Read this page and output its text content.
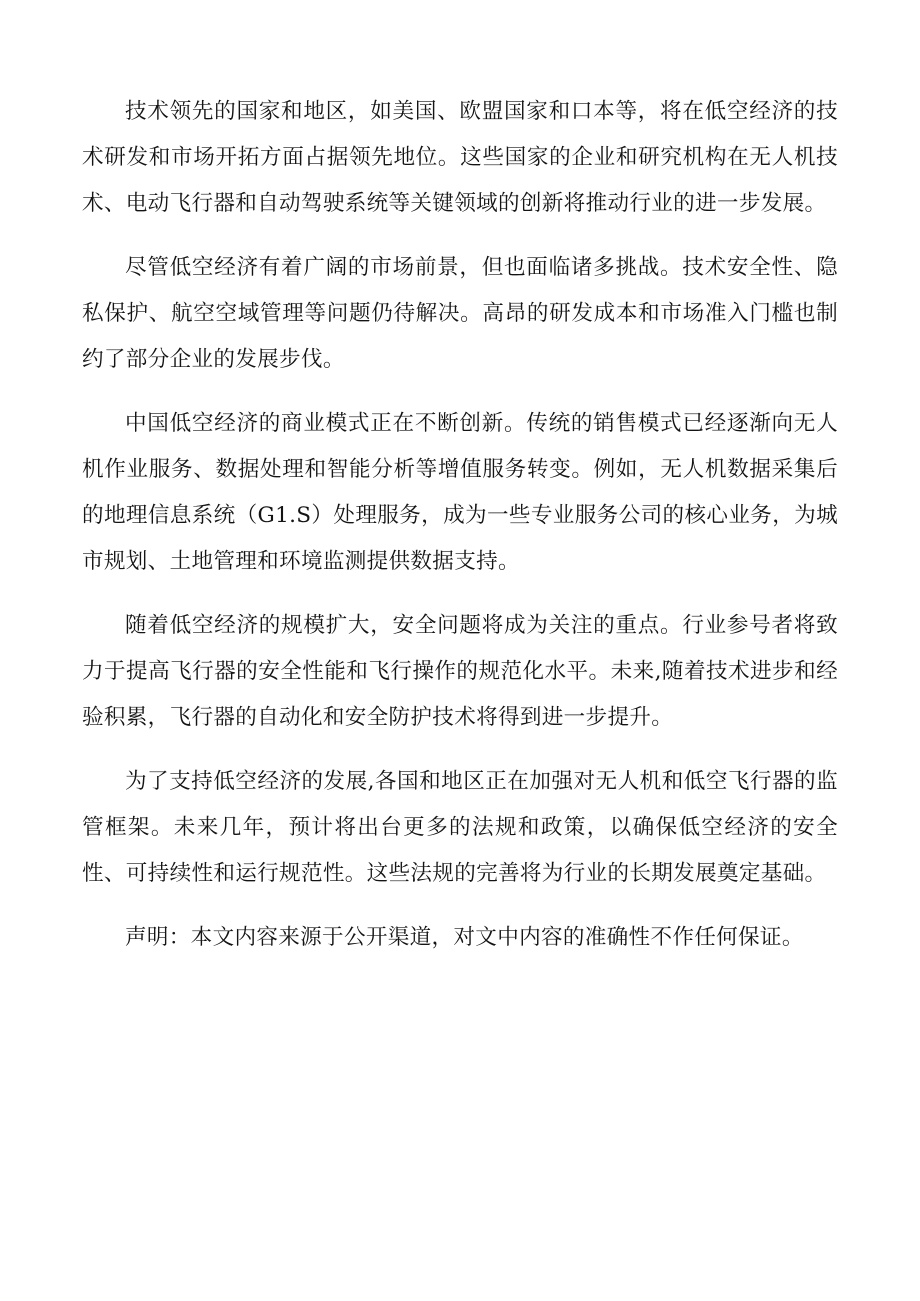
技术领先的国家和地区，如美国、欧盟国家和口本等，将在低空经济的技术研发和市场开拓方面占据领先地位。这些国家的企业和研究机构在无人机技术、电动飞行器和自动驾驶系统等关键领域的创新将推动行业的进一步发展。

尽管低空经济有着广阔的市场前景，但也面临诸多挑战。技术安全性、隐私保护、航空空域管理等问题仍待解决。高昂的研发成本和市场准入门槛也制约了部分企业的发展步伐。

中国低空经济的商业模式正在不断创新。传统的销售模式已经逐渐向无人机作业服务、数据处理和智能分析等增值服务转变。例如，无人机数据采集后的地理信息系统（G1.S）处理服务，成为一些专业服务公司的核心业务，为城市规划、土地管理和环境监测提供数据支持。

随着低空经济的规模扩大，安全问题将成为关注的重点。行业参号者将致力于提高飞行器的安全性能和飞行操作的规范化水平。未来,随着技术进步和经验积累，飞行器的自动化和安全防护技术将得到进一步提升。

为了支持低空经济的发展,各国和地区正在加强对无人机和低空飞行器的监管框架。未来几年，预计将出台更多的法规和政策，以确保低空经济的安全性、可持续性和运行规范性。这些法规的完善将为行业的长期发展奠定基础。

声明：本文内容来源于公开渠道，对文中内容的准确性不作任何保证。
